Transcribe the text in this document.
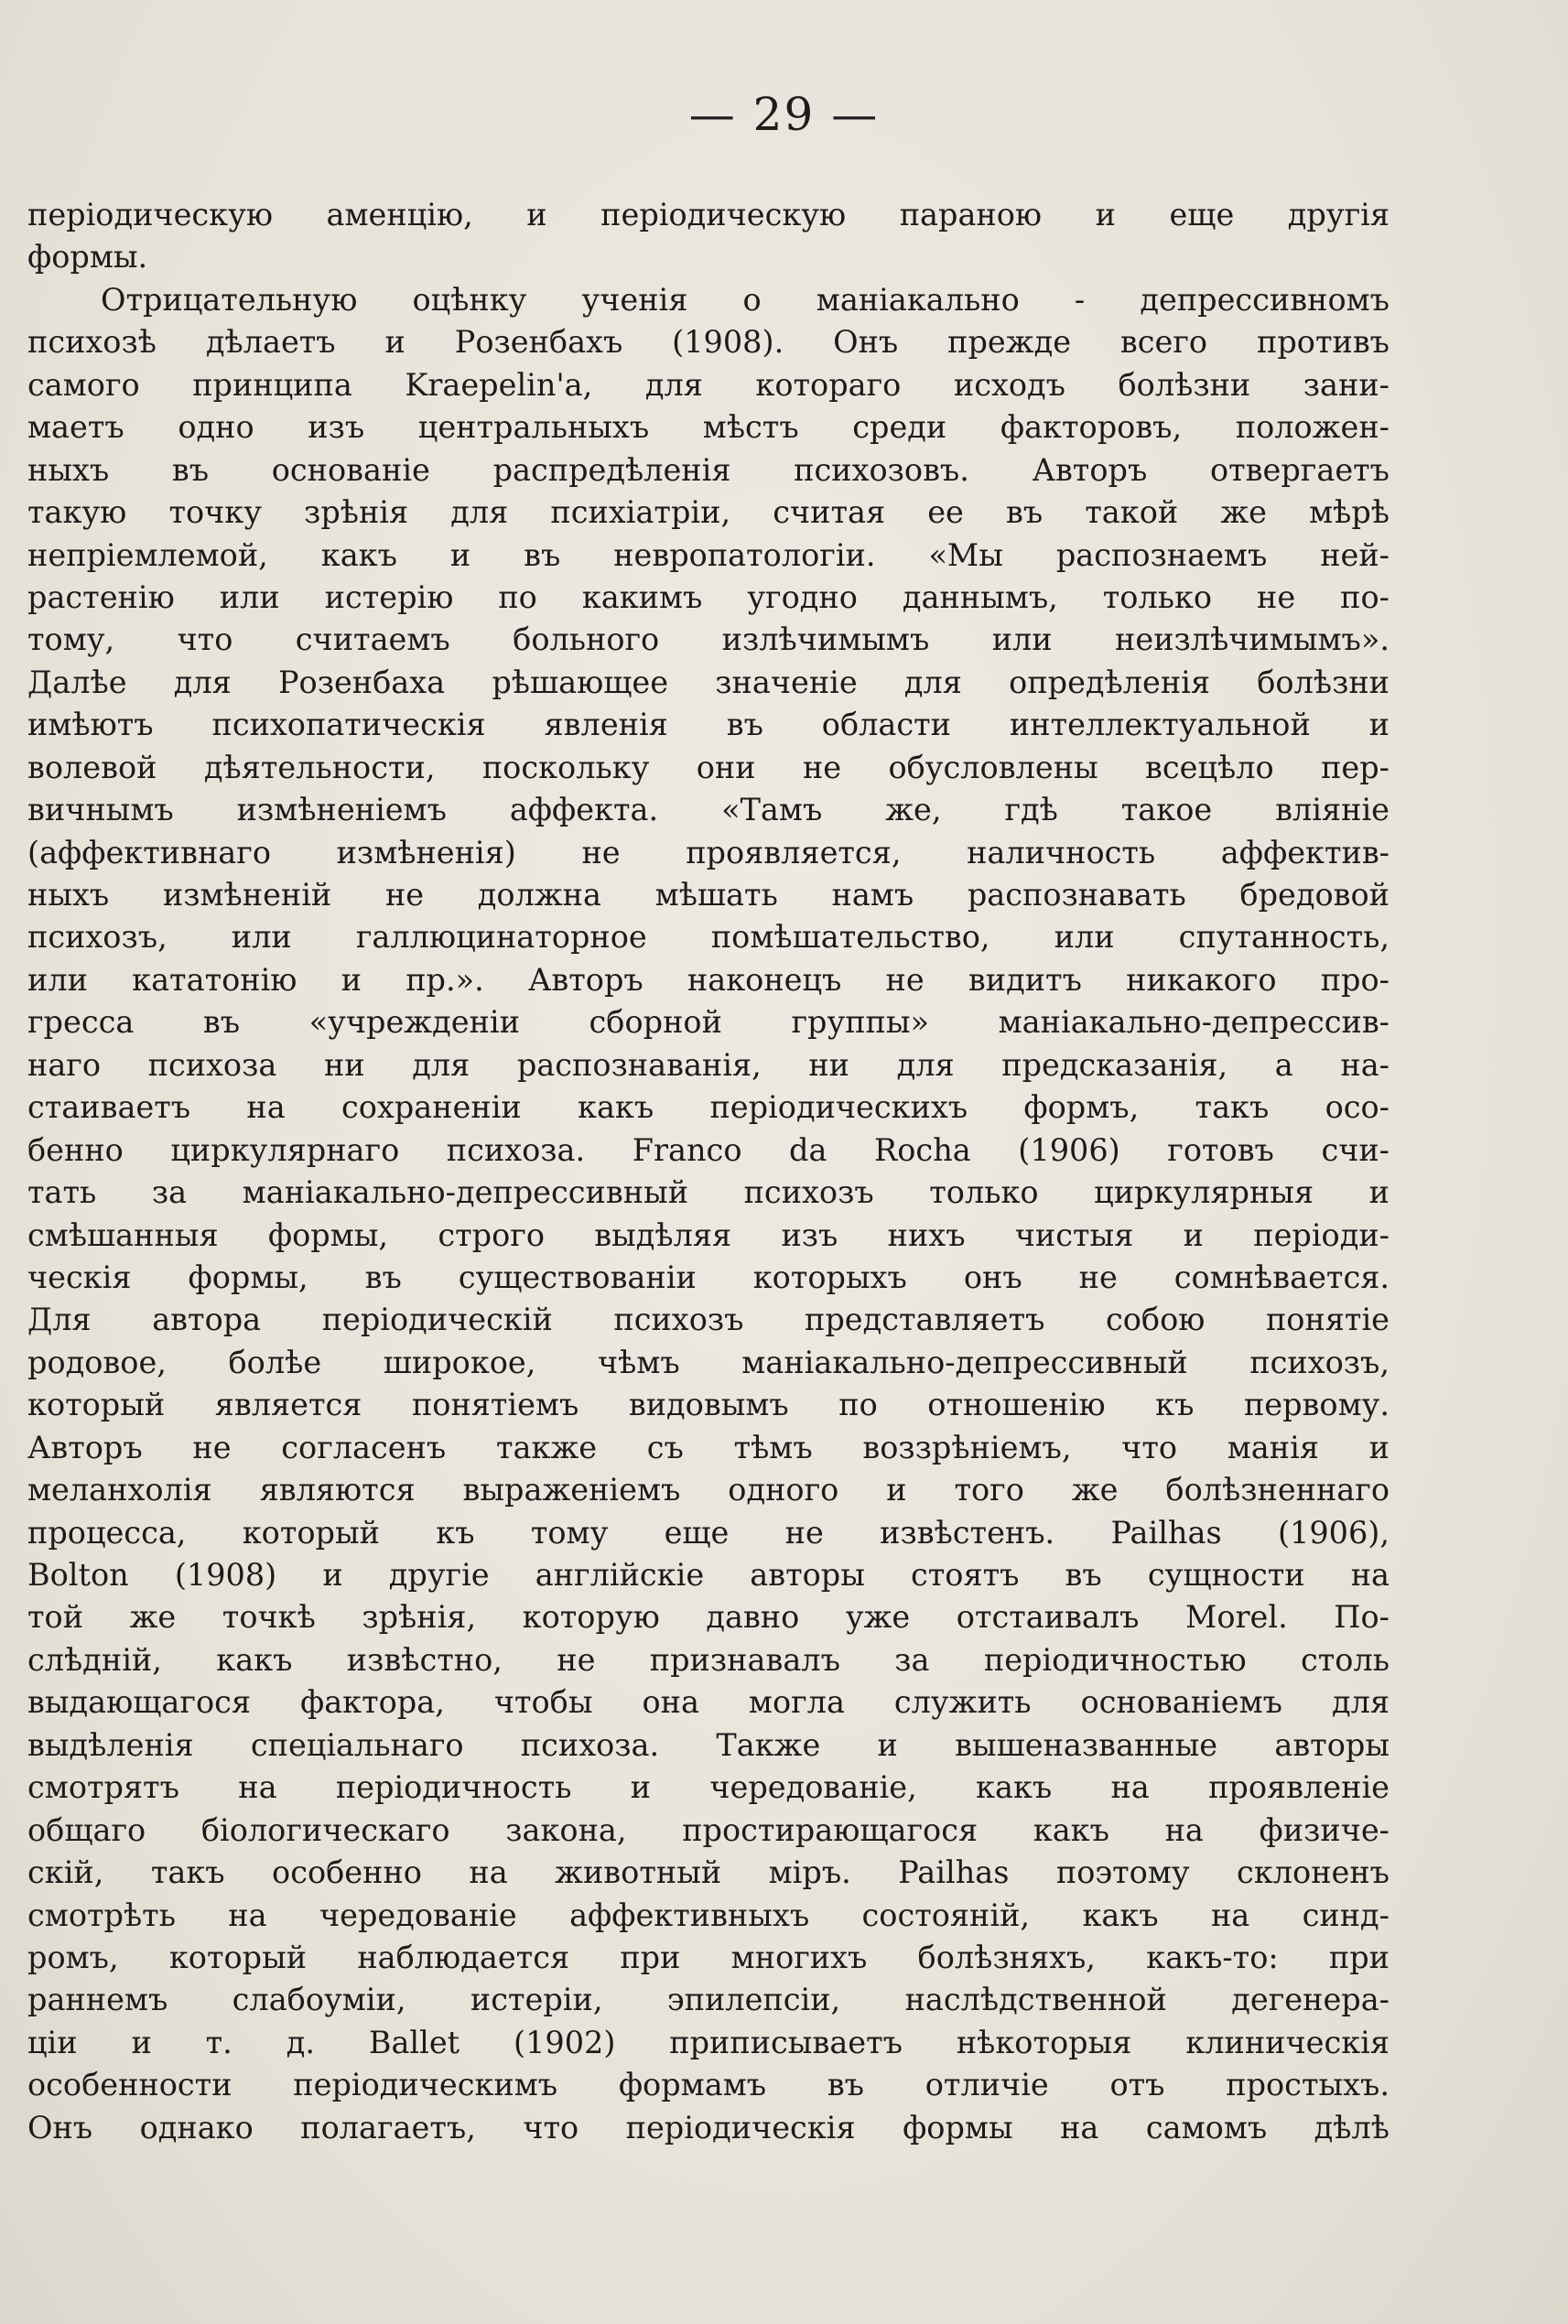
— 29 —
періодическую аменцію, и періодическую параною и еще другія
формы.
Отрицательную оцѣнку ученія о маніакально - депрессивномъ
психозѣ дѣлаетъ и Розенбахъ (1908). Онъ прежде всего противъ
самого принципа Kraepelin'а, для котораго исходъ болѣзни зани-
маетъ одно изъ центральныхъ мѣстъ среди факторовъ, положен-
ныхъ въ основаніе распредѣленія психозовъ. Авторъ отвергаетъ
такую точку зрѣнія для психіатріи, считая ее въ такой же мѣрѣ
непріемлемой, какъ и въ невропатологіи. «Мы распознаемъ ней-
растенію или истерію по какимъ угодно даннымъ, только не по-
тому, что считаемъ больного излѣчимымъ или неизлѣчимымъ».
Далѣе для Розенбаха рѣшающее значеніе для опредѣленія болѣзни
имѣютъ психопатическія явленія въ области интеллектуальной и
волевой дѣятельности, поскольку они не обусловлены всецѣло пер-
вичнымъ измѣненіемъ аффекта. «Тамъ же, гдѣ такое вліяніе
(аффективнаго измѣненія) не проявляется, наличность аффектив-
ныхъ измѣненій не должна мѣшать намъ распознавать бредовой
психозъ, или галлюцинаторное помѣшательство, или спутанность,
или кататонію и пр.». Авторъ наконецъ не видитъ никакого про-
гресса въ «учрежденіи сборной группы» маніакально-депрессив-
наго психоза ни для распознаванія, ни для предсказанія, а на-
стаиваетъ на сохраненіи какъ періодическихъ формъ, такъ осо-
бенно циркулярнаго психоза. Franco da Rocha (1906) готовъ счи-
тать за маніакально-депрессивный психозъ только циркулярныя и
смѣшанныя формы, строго выдѣляя изъ нихъ чистыя и періоди-
ческія формы, въ существованіи которыхъ онъ не сомнѣвается.
Для автора періодическій психозъ представляетъ собою понятіе
родовое, болѣе широкое, чѣмъ маніакально-депрессивный психозъ,
который является понятіемъ видовымъ по отношенію къ первому.
Авторъ не согласенъ также съ тѣмъ воззрѣніемъ, что манія и
меланхолія являются выраженіемъ одного и того же болѣзненнаго
процесса, который къ тому еще не извѣстенъ. Pailhas (1906),
Bolton (1908) и другіе англійскіе авторы стоятъ въ сущности на
той же точкѣ зрѣнія, которую давно уже отстаивалъ Morel. По-
слѣдній, какъ извѣстно, не признавалъ за періодичностью столь
выдающагося фактора, чтобы она могла служить основаніемъ для
выдѣленія спеціальнаго психоза. Также и вышеназванные авторы
смотрятъ на періодичность и чередованіе, какъ на проявленіе
общаго біологическаго закона, простирающагося какъ на физиче-
скій, такъ особенно на животный міръ. Pailhas поэтому склоненъ
смотрѣть на чередованіе аффективныхъ состояній, какъ на синд-
ромъ, который наблюдается при многихъ болѣзняхъ, какъ-то: при
раннемъ слабоуміи, истеріи, эпилепсіи, наслѣдственной дегенера-
ціи и т. д. Ballet (1902) приписываетъ нѣкоторыя клиническія
особенности періодическимъ формамъ въ отличіе отъ простыхъ.
Онъ однако полагаетъ, что періодическія формы на самомъ дѣлѣ
